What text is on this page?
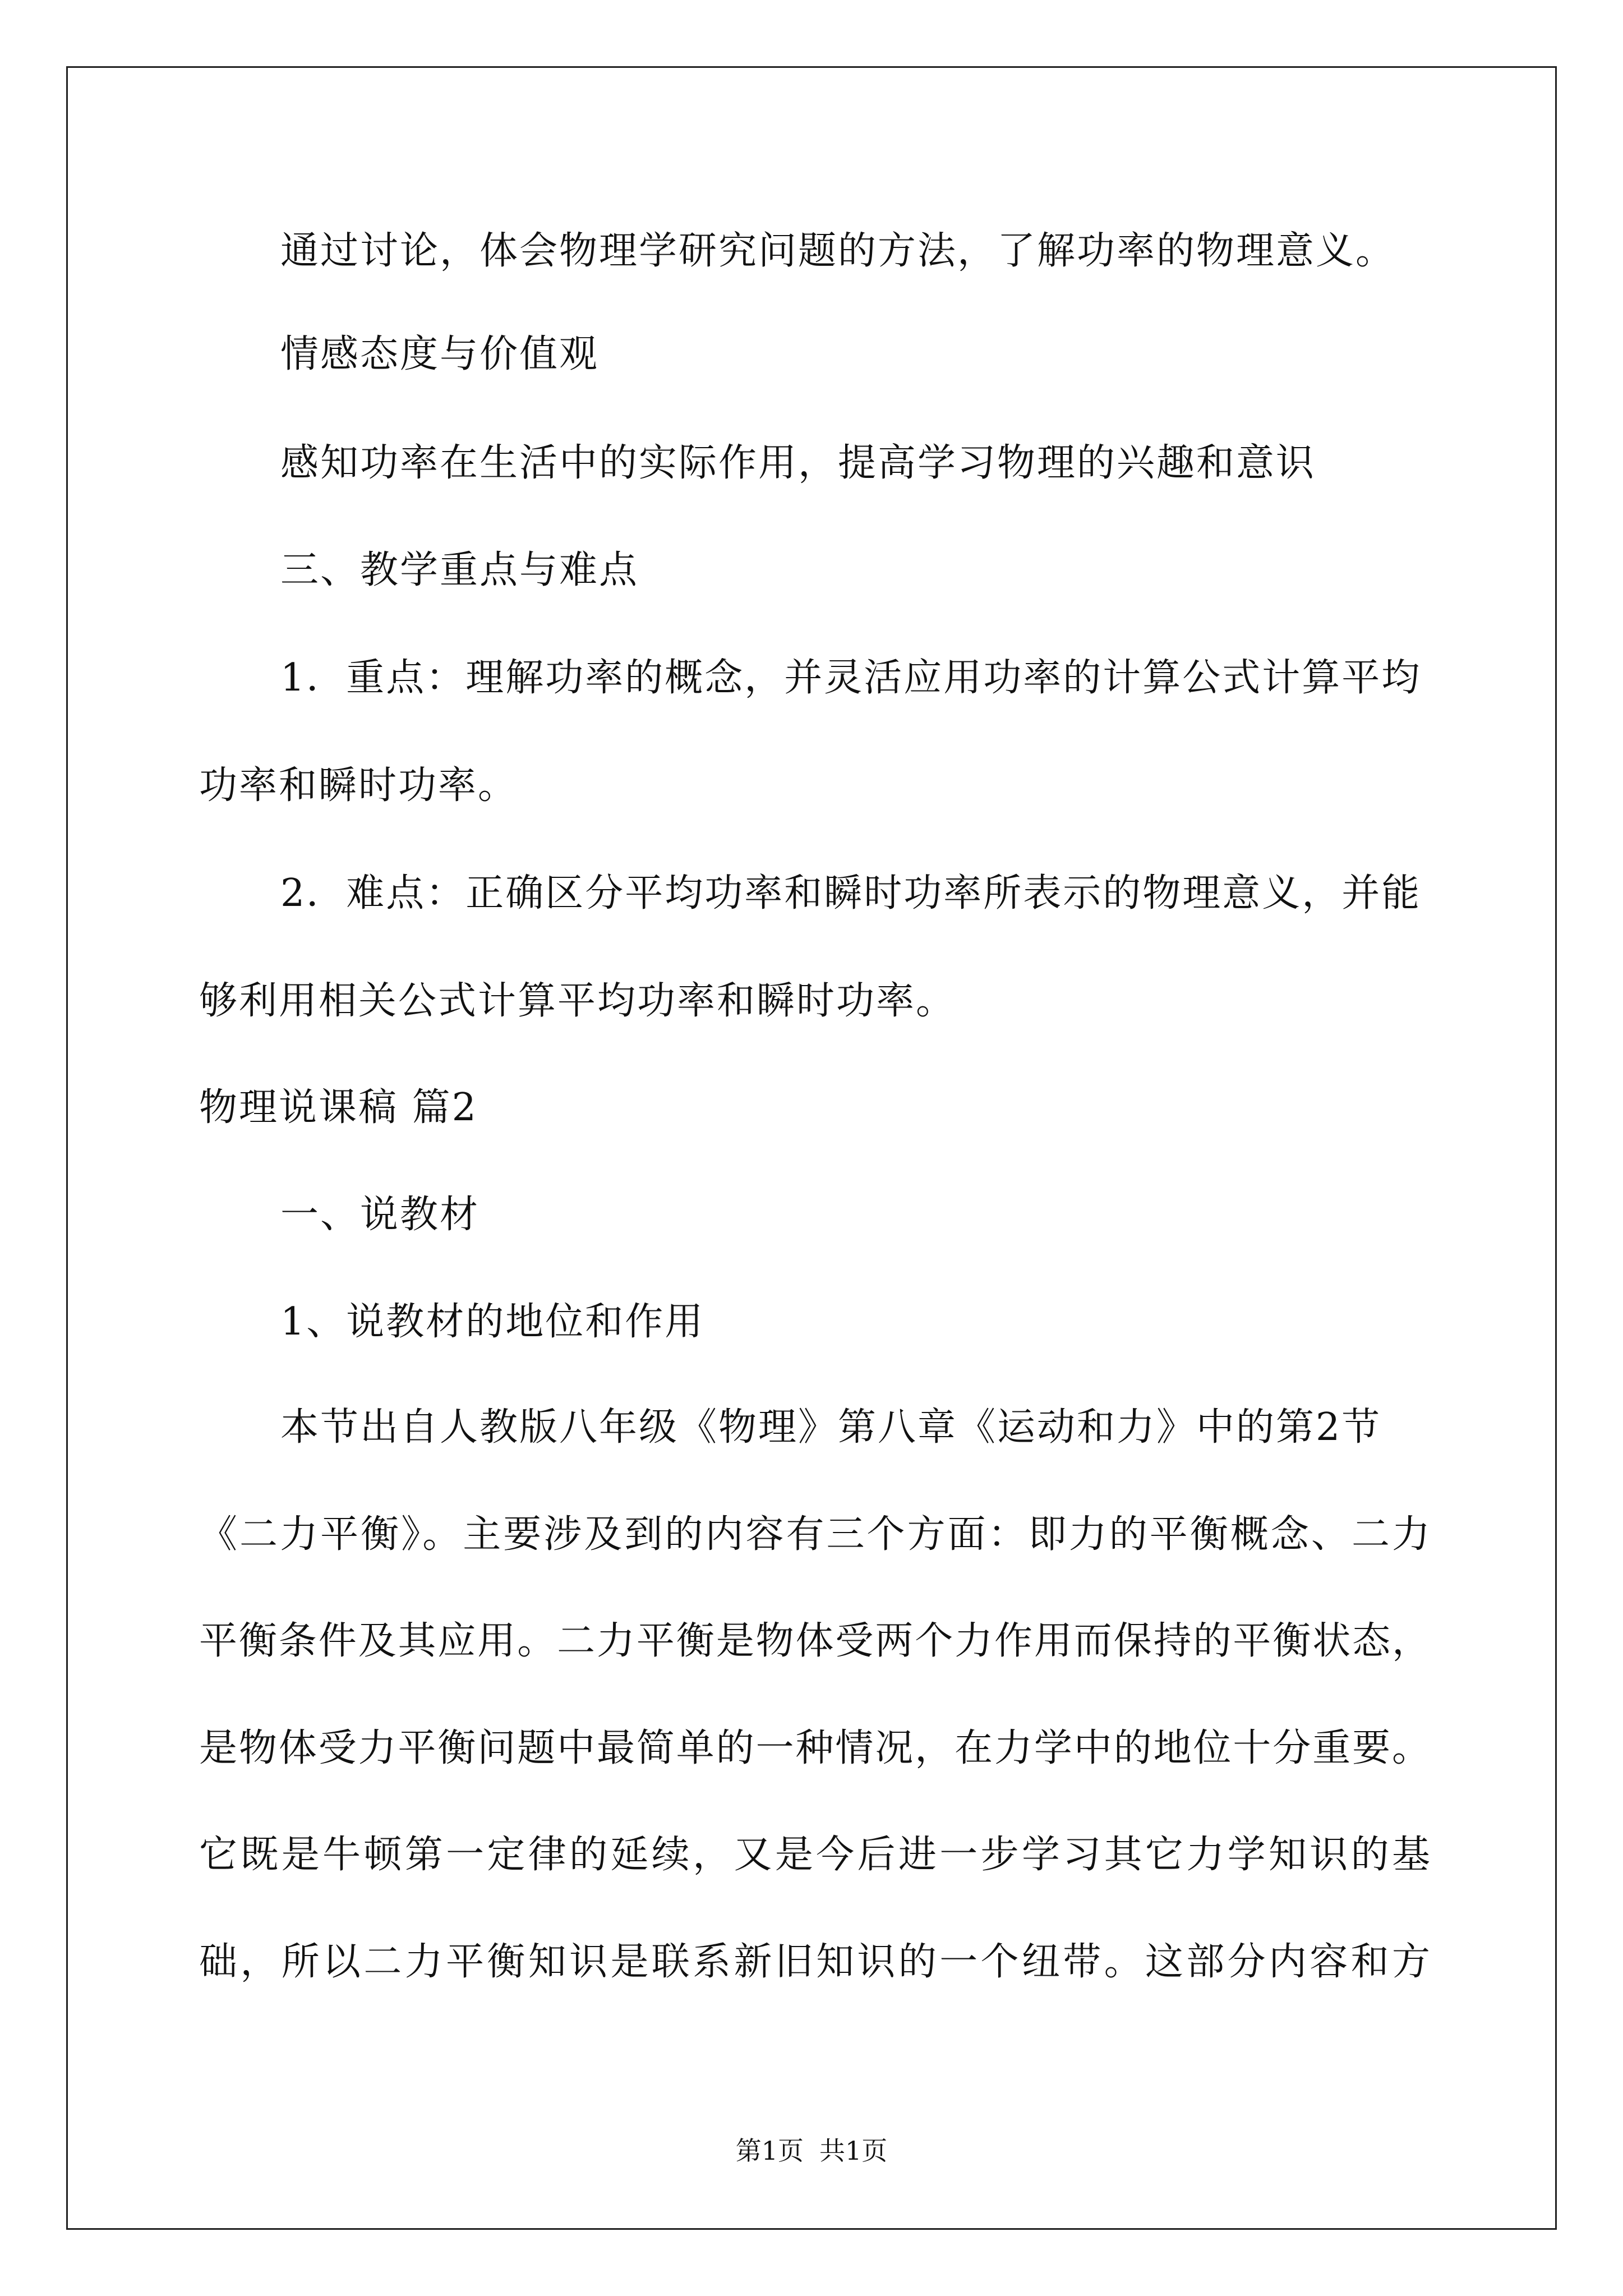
通过讨论，体会物理学研究问题的方法，了解功率的物理意义。
情感态度与价值观
感知功率在生活中的实际作用，提高学习物理的兴趣和意识
三、教学重点与难点
1．重点：理解功率的概念，并灵活应用功率的计算公式计算平均
功率和瞬时功率。
2．难点：正确区分平均功率和瞬时功率所表示的物理意义，并能
够利用相关公式计算平均功率和瞬时功率。
物理说课稿 篇2
一、说教材
1、说教材的地位和作用
本节出自人教版八年级《物理》第八章《运动和力》中的第2节
《二力平衡》。主要涉及到的内容有三个方面：即力的平衡概念、二力
平衡条件及其应用。二力平衡是物体受两个力作用而保持的平衡状态，
是物体受力平衡问题中最简单的一种情况，在力学中的地位十分重要。
它既是牛顿第一定律的延续，又是今后进一步学习其它力学知识的基
础，所以二力平衡知识是联系新旧知识的一个纽带。这部分内容和方
第1页 共1页
